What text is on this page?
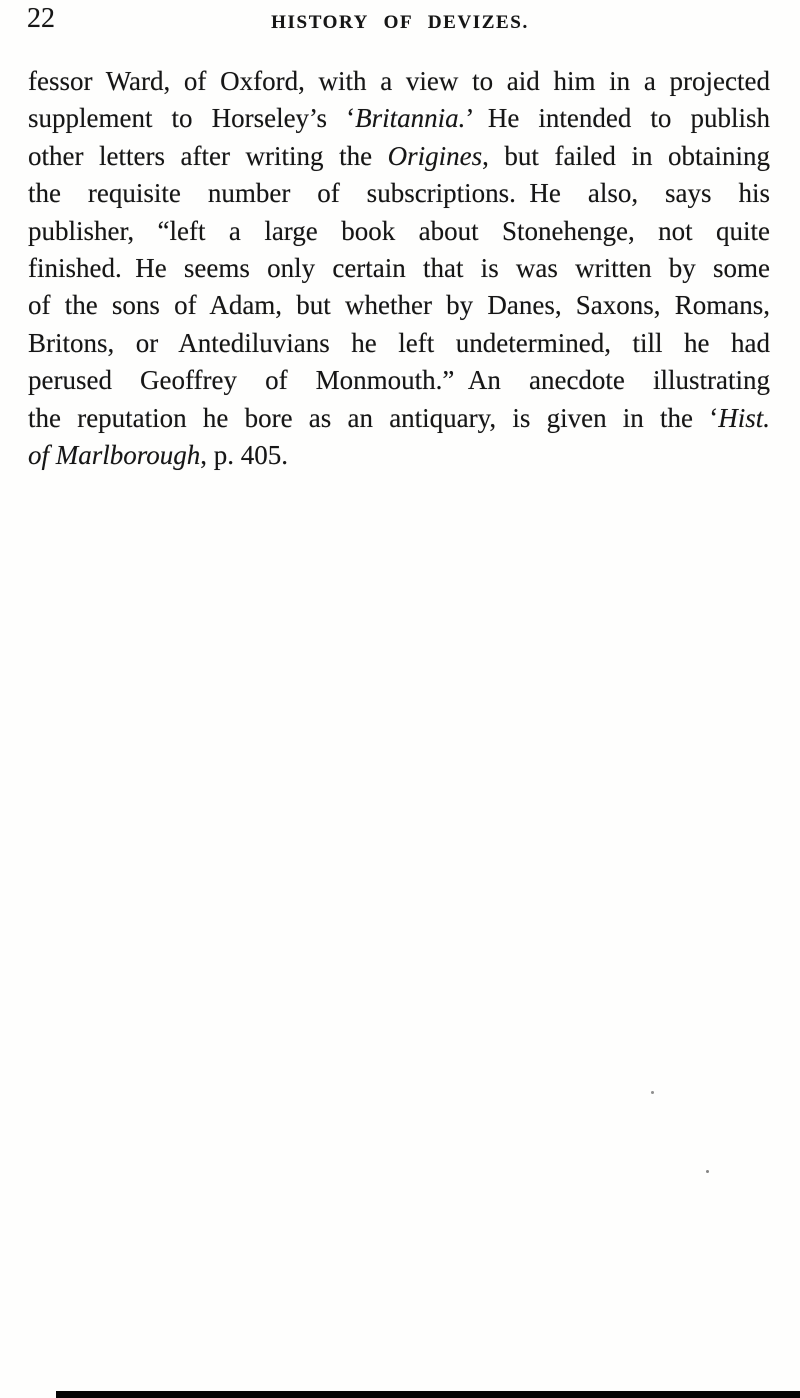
22	HISTORY OF DEVIZES.

fessor Ward, of Oxford, with a view to aid him in a projected

supplement to Horseley’s ‘Britannia.’ He intended to publish

other letters after writing the Origines, but failed in obtaining

the requisite number of subscriptions. He also, says his

publisher, “left a large book about Stonehenge, not quite

finished. He seems only certain that is was written by some

of the sons of Adam, but whether by Danes, Saxons, Romans,

Britons, or Antediluvians he left undetermined, till he had

perused Geoffrey of Monmouth.” An anecdote illustrating

the reputation he bore as an antiquary, is given in the ‘Hist.

of Marlborough, p. 405.
